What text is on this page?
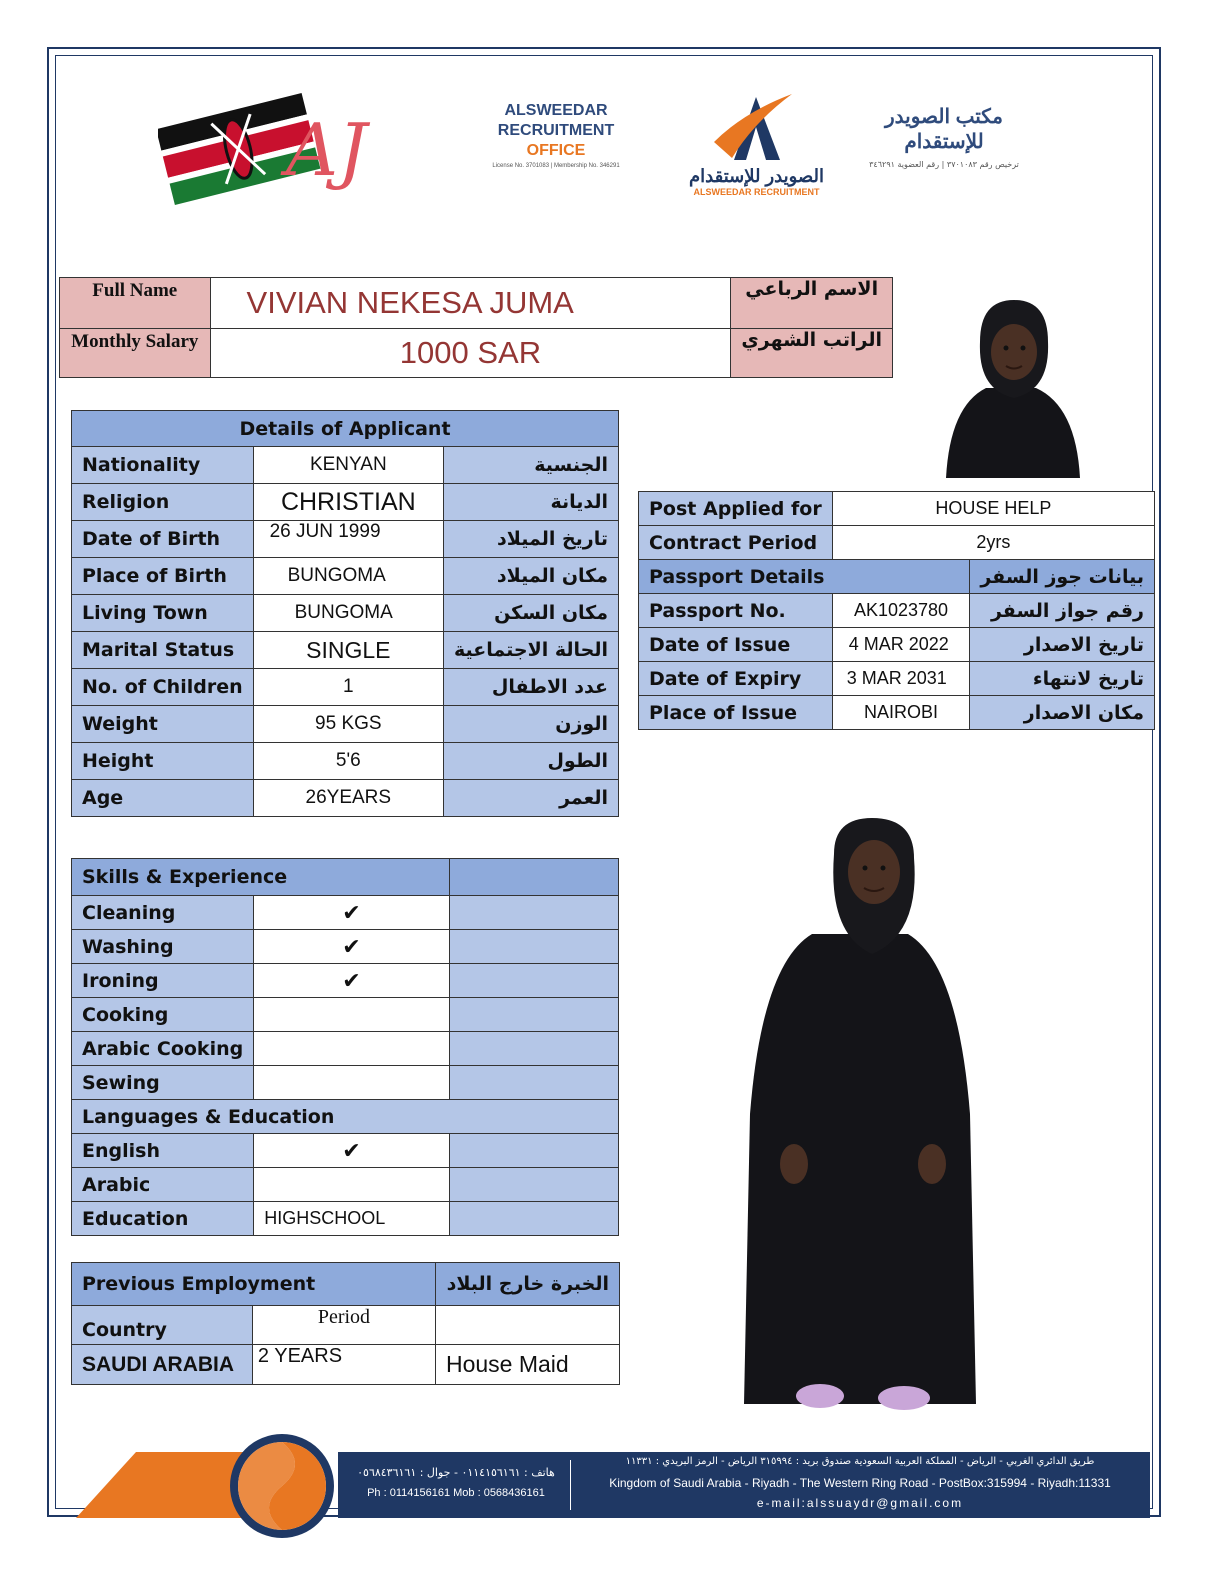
AJ	ALSWEEDAR
RECRUITMENT OFFICE
License No. 3701083 | Membership No. 346291	الصويدر للإستقدام
ALSWEEDAR RECRUITMENT
مكتب الصويدر للإستقدام
ترخيص رقم ٣٧٠١٠٨٣ | رقم العضوية ٣٤٦٢٩١
Full Name	VIVIAN NEKESA JUMA	الاسم الرباعي
Monthly Salary	1000 SAR	الراتب الشهري
Details of Applicant		
Nationality	KENYAN	الجنسية
Religion	CHRISTIAN	الديانة
Date of Birth	26 JUN 1999	تاريخ الميلاد
Place of Birth	BUNGOMA	مكان الميلاد
Living Town	BUNGOMA	مكان السكن
Marital Status	SINGLE	الحالة الاجتماعية
No. of Children	1	عدد الاطفال
Weight	95 KGS	الوزن
Height	5'6	الطول
Age	26YEARS	العمر
Post Applied for	HOUSE HELP	
Contract Period	2yrs	
Passport Details		بيانات جوز السفر
Passport No.	AK1023780	رقم جواز السفر
Date of Issue	4 MAR 2022	تاريخ الاصدار
Date of Expiry	3 MAR 2031	تاريخ لانتهاء
Place of Issue	NAIROBI	مكان الاصدار
Skills & Experience		
Cleaning	✔	
Washing	✔	
Ironing	✔	
Cooking		
Arabic Cooking		
Sewing		
Languages & Education		
English	✔	
Arabic		
Education	HIGHSCHOOL	
Previous Employment		الخبرة خارج البلاد
Country	Period	
SAUDI ARABIA	2 YEARS	House Maid
هاتف : ٠١١٤١٥٦١٦١ - جوال : ٠٥٦٨٤٣٦١٦١
Ph : 0114156161 Mob : 0568436161
طريق الدائري الغربي - الرياض - المملكة العربية السعودية صندوق بريد : ٣١٥٩٩٤ الرياض - الرمز البريدي : ١١٣٣١
Kingdom of Saudi Arabia - Riyadh - The Western Ring Road - PostBox:315994 - Riyadh:11331
e-mail:alssuaydr@gmail.com
